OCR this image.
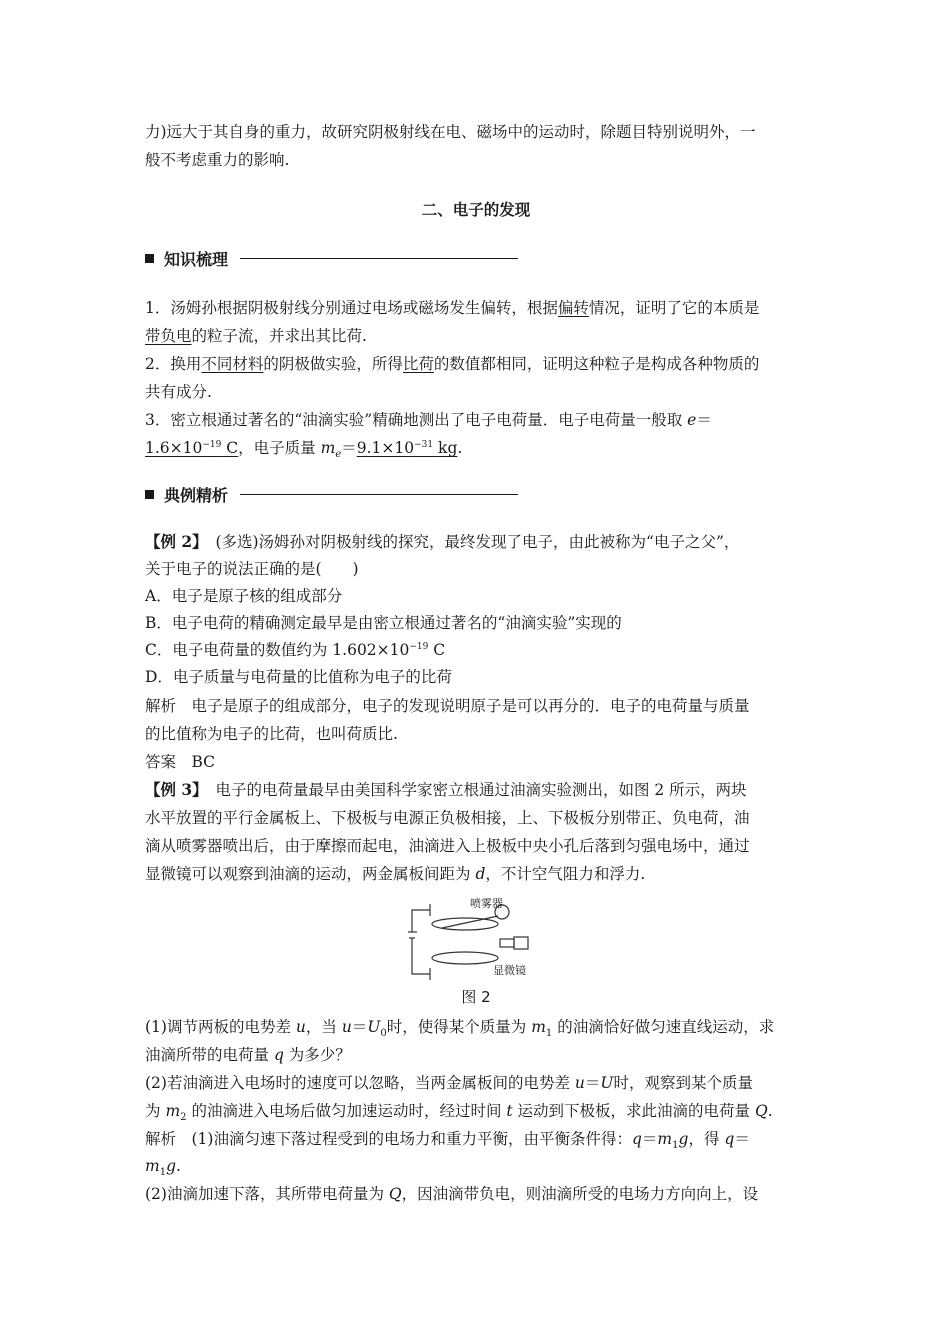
力)远大于其自身的重力，故研究阴极射线在电、磁场中的运动时，除题目特别说明外，一
般不考虑重力的影响.
二、电子的发现
知识梳理
1．汤姆孙根据阴极射线分别通过电场或磁场发生偏转，根据偏转情况，证明了它的本质是
带负电的粒子流，并求出其比荷.
2．换用不同材料的阴极做实验，所得比荷的数值都相同，证明这种粒子是构成各种物质的
共有成分.
3．密立根通过著名的“油滴实验”精确地测出了电子电荷量．电子电荷量一般取 e＝
$1.6\times 10^{-19}$ C，电子质量 $m_e=9.1\times 10^{-31}$ kg.
典例精析
【例 2】　(多选)汤姆孙对阴极射线的探究，最终发现了电子，由此被称为“电子之父”，
关于电子的说法正确的是(　　)
A．电子是原子核的组成部分
B．电子电荷的精确测定最早是由密立根通过著名的“油滴实验”实现的
C．电子电荷量的数值约为 $1.602\times 10^{-19}$ C
D．电子质量与电荷量的比值称为电子的比荷
解析　电子是原子的组成部分，电子的发现说明原子是可以再分的．电子的电荷量与质量
的比值称为电子的比荷，也叫荷质比.
答案　BC
【例 3】　电子的电荷量最早由美国科学家密立根通过油滴实验测出，如图 2 所示，两块
水平放置的平行金属板上、下极板与电源正负极相接，上、下极板分别带正、负电荷，油
滴从喷雾器喷出后，由于摩擦而起电，油滴进入上极板中央小孔后落到匀强电场中，通过
显微镜可以观察到油滴的运动，两金属板间距为 d，不计空气阻力和浮力.
喷雾器
显微镜
图 2
(1)调节两板的电势差 u，当 $u=U_0$时，使得某个质量为 $m_1$ 的油滴恰好做匀速直线运动，求
油滴所带的电荷量 q 为多少？
(2)若油滴进入电场时的速度可以忽略，当两金属板间的电势差 u＝U时，观察到某个质量
为 $m_2$ 的油滴进入电场后做匀加速运动时，经过时间 t 运动到下极板，求此油滴的电荷量 Q.
解析　(1)油滴匀速下落过程受到的电场力和重力平衡，由平衡条件得：$q=m_1g$，得 q＝
$m_1g$.
(2)油滴加速下落，其所带电荷量为 Q，因油滴带负电，则油滴所受的电场力方向向上，设
